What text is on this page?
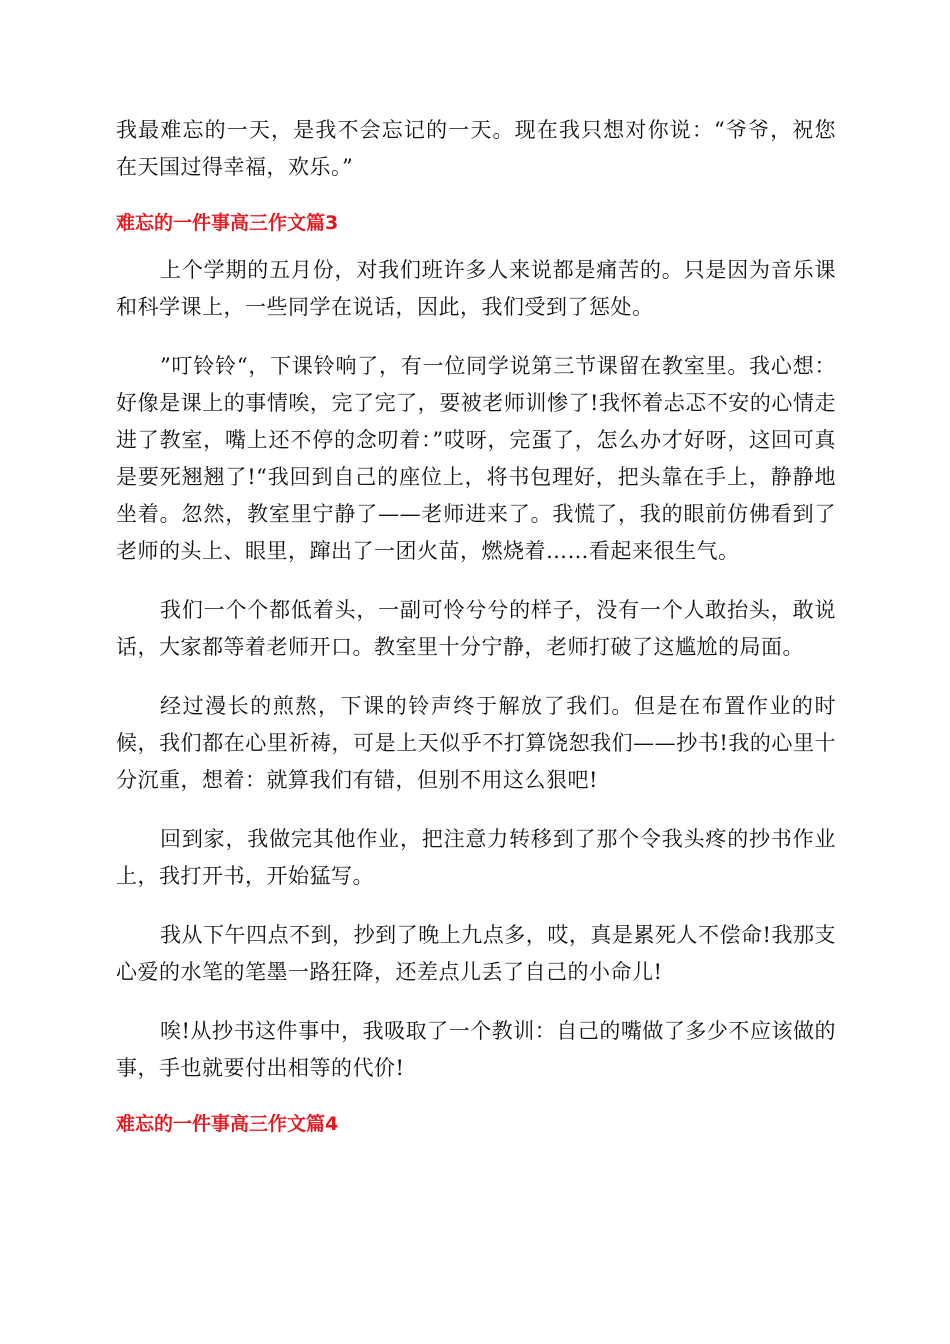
我最难忘的一天，是我不会忘记的一天。现在我只想对你说：“爷爷，祝您在天国过得幸福，欢乐。”

难忘的一件事高三作文篇3

上个学期的五月份，对我们班许多人来说都是痛苦的。只是因为音乐课和科学课上，一些同学在说话，因此，我们受到了惩处。

”叮铃铃“，下课铃响了，有一位同学说第三节课留在教室里。我心想：好像是课上的事情唉，完了完了，要被老师训惨了!我怀着忐忑不安的心情走进了教室，嘴上还不停的念叨着：”哎呀，完蛋了，怎么办才好呀，这回可真是要死翘翘了!“我回到自己的座位上，将书包理好，把头靠在手上，静静地坐着。忽然，教室里宁静了——老师进来了。我慌了，我的眼前仿佛看到了老师的头上、眼里，蹿出了一团火苗，燃烧着……看起来很生气。

我们一个个都低着头，一副可怜兮兮的样子，没有一个人敢抬头，敢说话，大家都等着老师开口。教室里十分宁静，老师打破了这尴尬的局面。

经过漫长的煎熬，下课的铃声终于解放了我们。但是在布置作业的时候，我们都在心里祈祷，可是上天似乎不打算饶恕我们——抄书!我的心里十分沉重，想着：就算我们有错，但别不用这么狠吧!

回到家，我做完其他作业，把注意力转移到了那个令我头疼的抄书作业上，我打开书，开始猛写。

我从下午四点不到，抄到了晚上九点多，哎，真是累死人不偿命!我那支心爱的水笔的笔墨一路狂降，还差点儿丢了自己的小命儿!

唉!从抄书这件事中，我吸取了一个教训：自己的嘴做了多少不应该做的事，手也就要付出相等的代价!

难忘的一件事高三作文篇4
